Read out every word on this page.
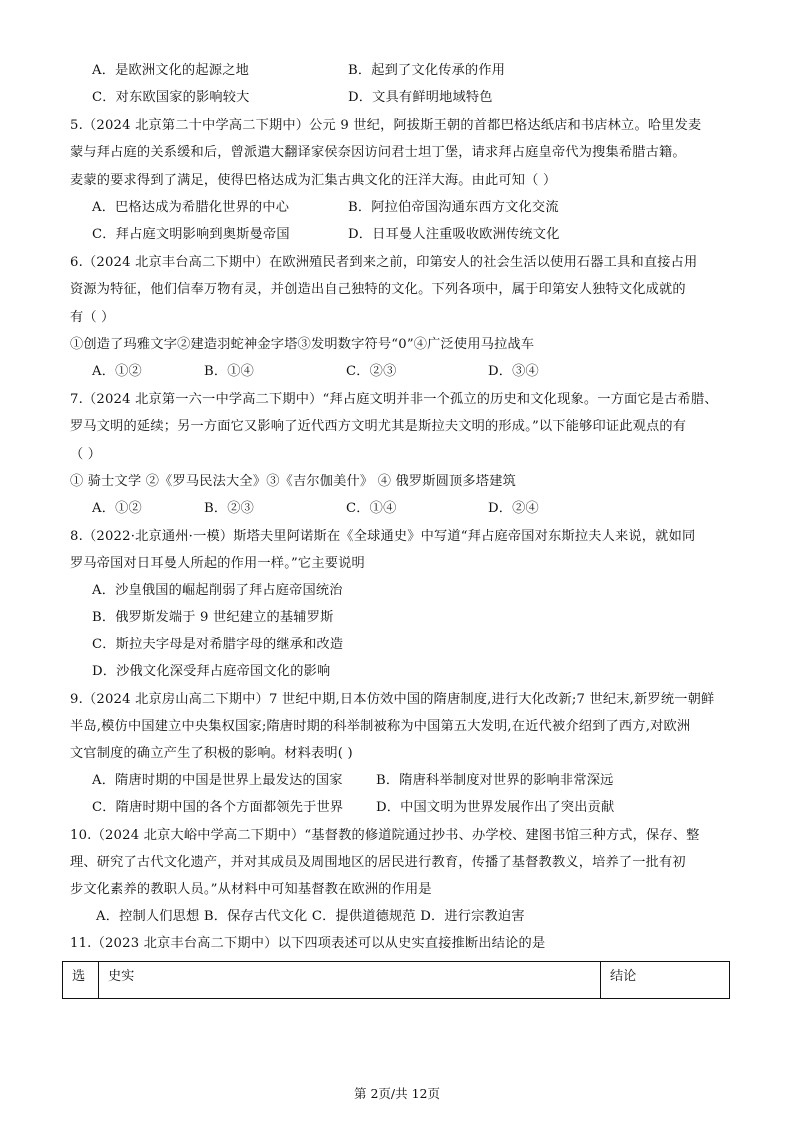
A．是欧洲文化的起源之地	B．起到了文化传承的作用
C．对东欧国家的影响较大	D．文具有鲜明地域特色
5.（2024 北京第二十中学高二下期中）公元 9 世纪，阿拔斯王朝的首都巴格达纸店和书店林立。哈里发麦
蒙与拜占庭的关系缓和后，曾派遣大翻译家侯奈因访问君士坦丁堡，请求拜占庭皇帝代为搜集希腊古籍。
麦蒙的要求得到了满足，使得巴格达成为汇集古典文化的汪洋大海。由此可知（ ）
A．巴格达成为希腊化世界的中心	B．阿拉伯帝国沟通东西方文化交流
C．拜占庭文明影响到奥斯曼帝国	D．日耳曼人注重吸收欧洲传统文化
6.（2024 北京丰台高二下期中）在欧洲殖民者到来之前，印第安人的社会生活以使用石器工具和直接占用
资源为特征，他们信奉万物有灵，并创造出自己独特的文化。下列各项中，属于印第安人独特文化成就的
有（ ）
①创造了玛雅文字②建造羽蛇神金字塔③发明数字符号“0”④广泛使用马拉战车
A．①②	B．①④	C．②③	D．③④
7.（2024 北京第一六一中学高二下期中）“拜占庭文明并非一个孤立的历史和文化现象。一方面它是古希腊、
罗马文明的延续；另一方面它又影响了近代西方文明尤其是斯拉夫文明的形成。”以下能够印证此观点的有
（ ）
① 骑士文学 ②《罗马民法大全》③《吉尔伽美什》 ④ 俄罗斯圆顶多塔建筑
A．①②	B．②③	C．①④	D．②④
8.（2022·北京通州·一模）斯塔夫里阿诺斯在《全球通史》中写道“拜占庭帝国对东斯拉夫人来说，就如同
罗马帝国对日耳曼人所起的作用一样。”它主要说明
A．沙皇俄国的崛起削弱了拜占庭帝国统治
B．俄罗斯发端于 9 世纪建立的基辅罗斯
C．斯拉夫字母是对希腊字母的继承和改造
D．沙俄文化深受拜占庭帝国文化的影响
9.（2024 北京房山高二下期中）7 世纪中期,日本仿效中国的隋唐制度,进行大化改新;7 世纪末,新罗统一朝鲜
半岛,模仿中国建立中央集权国家;隋唐时期的科举制被称为中国第五大发明,在近代被介绍到了西方,对欧洲
文官制度的确立产生了积极的影响。材料表明( )
A．隋唐时期的中国是世界上最发达的国家	B．隋唐科举制度对世界的影响非常深远
C．隋唐时期中国的各个方面都领先于世界 D．中国文明为世界发展作出了突出贡献
10.（2024 北京大峪中学高二下期中）“基督教的修道院通过抄书、办学校、建图书馆三种方式，保存、整
理、研究了古代文化遗产，并对其成员及周围地区的居民进行教育，传播了基督教教义，培养了一批有初
步文化素养的教职人员。”从材料中可知基督教在欧洲的作用是
A．控制人们思想 B．保存古代文化 C．提供道德规范 D．进行宗教迫害
11.（2023 北京丰台高二下期中）以下四项表述可以从史实直接推断出结论的是
选	史实	结论
第 2页/共 12页
